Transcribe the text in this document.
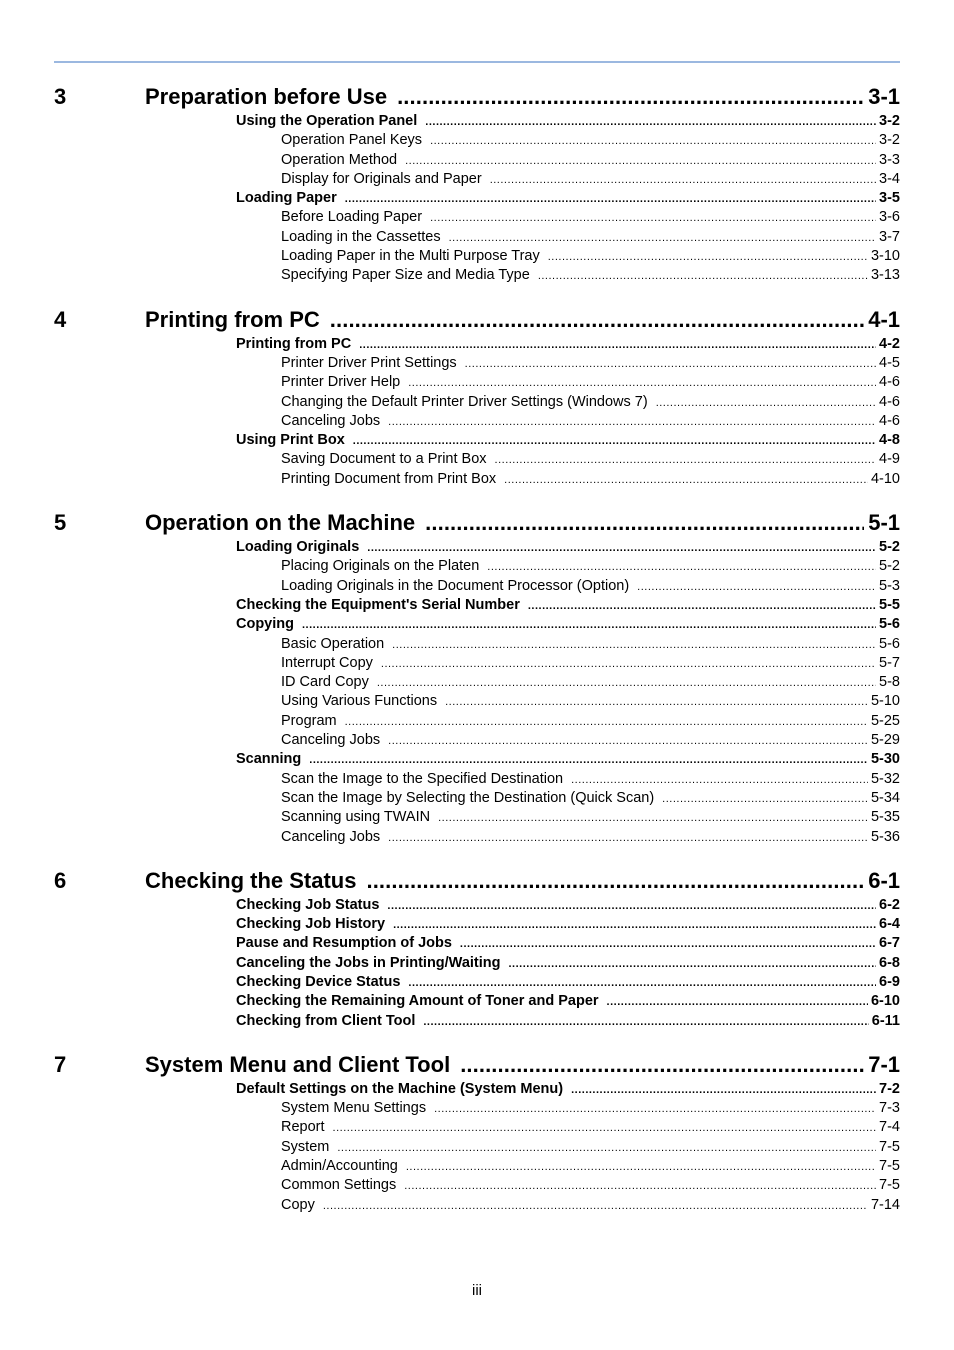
3	Preparation before Use . . .	3-1
Using the Operation Panel .....	3-2
Operation Panel Keys .....	3-2
Operation Method .....	3-3
Display for Originals and Paper .....	3-4
Loading Paper .....	3-5
Before Loading Paper .....	3-6
Loading in the Cassettes .....	3-7
Loading Paper in the Multi Purpose Tray .....	3-10
Specifying Paper Size and Media Type .....	3-13
4	Printing from PC . . .	4-1
Printing from PC .....	4-2
Printer Driver Print Settings .....	4-5
Printer Driver Help .....	4-6
Changing the Default Printer Driver Settings (Windows 7) .....	4-6
Canceling Jobs .....	4-6
Using Print Box .....	4-8
Saving Document to a Print Box .....	4-9
Printing Document from Print Box .....	4-10
5	Operation on the Machine . . .	5-1
Loading Originals .....	5-2
Placing Originals on the Platen .....	5-2
Loading Originals in the Document Processor (Option) .....	5-3
Checking the Equipment's Serial Number .....	5-5
Copying .....	5-6
Basic Operation .....	5-6
Interrupt Copy .....	5-7
ID Card Copy .....	5-8
Using Various Functions .....	5-10
Program .....	5-25
Canceling Jobs .....	5-29
Scanning .....	5-30
Scan the Image to the Specified Destination .....	5-32
Scan the Image by Selecting the Destination (Quick Scan) .....	5-34
Scanning using TWAIN .....	5-35
Canceling Jobs .....	5-36
6	Checking the Status . . .	6-1
Checking Job Status .....	6-2
Checking Job History .....	6-4
Pause and Resumption of Jobs .....	6-7
Canceling the Jobs in Printing/Waiting .....	6-8
Checking Device Status .....	6-9
Checking the Remaining Amount of Toner and Paper .....	6-10
Checking from Client Tool .....	6-11
7	System Menu and Client Tool . . .	7-1
Default Settings on the Machine (System Menu) .....	7-2
System Menu Settings .....	7-3
Report .....	7-4
System .....	7-5
Admin/Accounting .....	7-5
Common Settings .....	7-5
Copy .....	7-14
iii
